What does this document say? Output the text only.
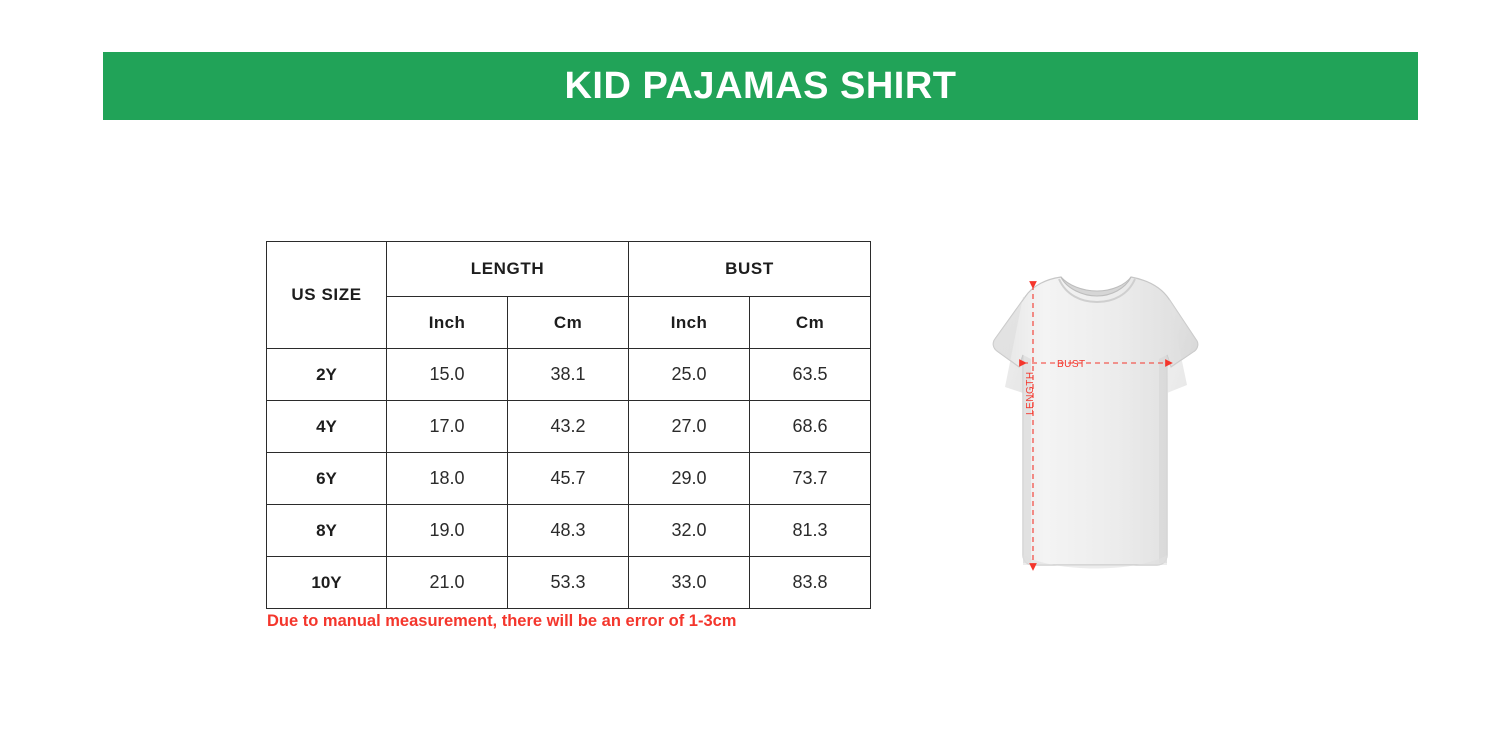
KID PAJAMAS SHIRT
US SIZE	LENGTH		BUST	
	Inch	Cm	Inch	Cm
2Y	15.0	38.1	25.0	63.5
4Y	17.0	43.2	27.0	68.6
6Y	18.0	45.7	29.0	73.7
8Y	19.0	48.3	32.0	81.3
10Y	21.0	53.3	33.0	83.8
Due to manual measurement, there will be an error of 1-3cm
BUST
LENGTH
